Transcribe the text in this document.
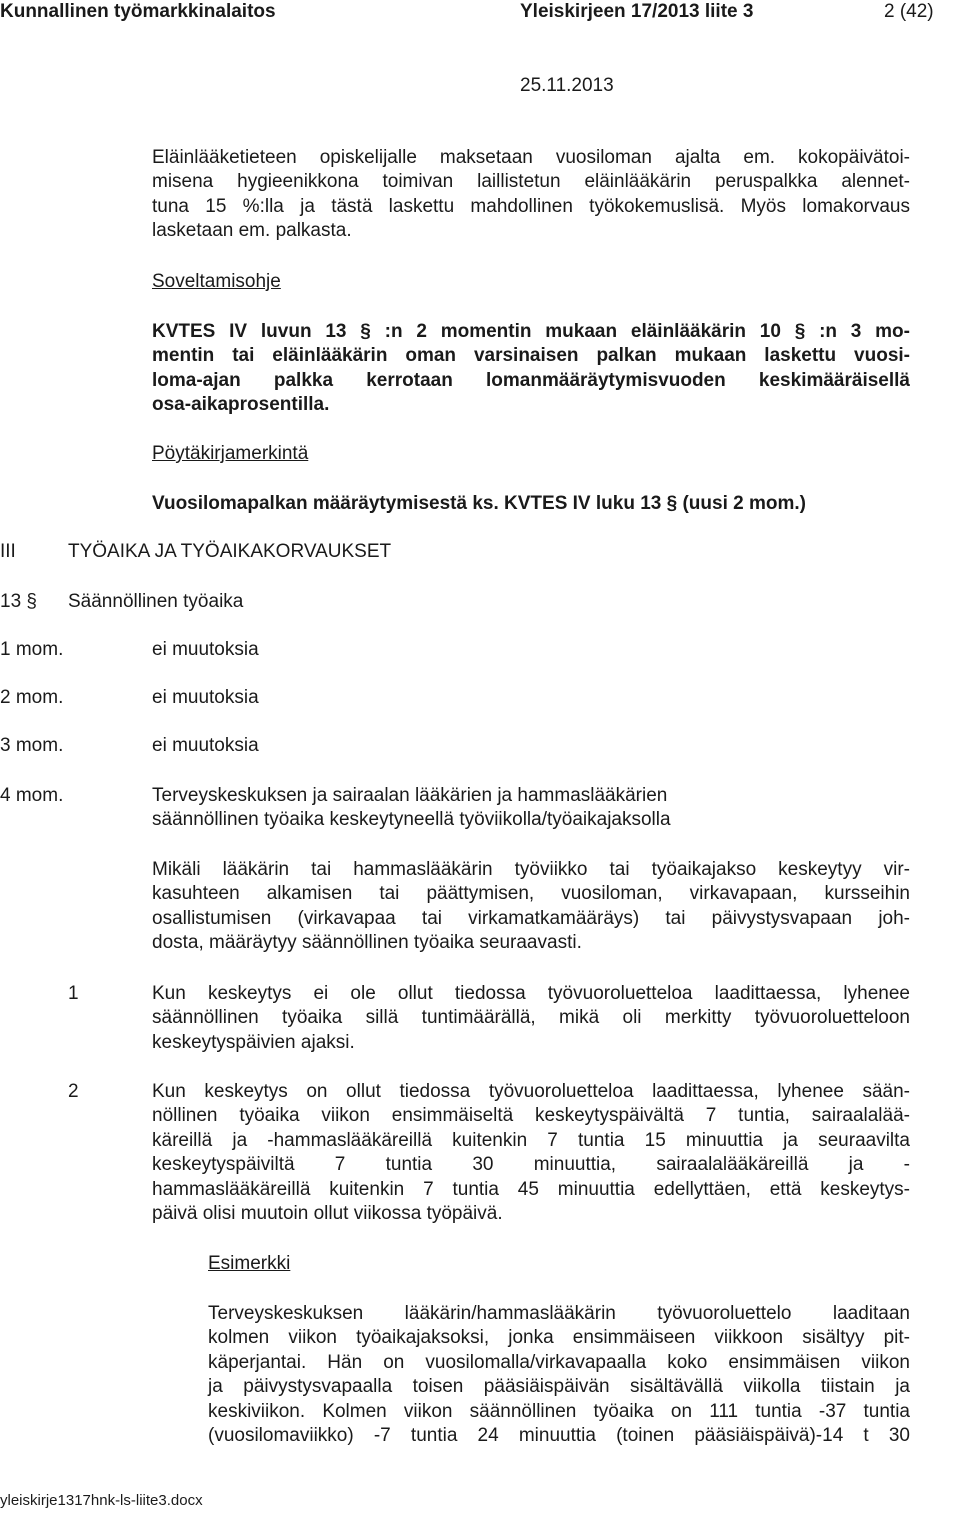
Kunnallinen työmarkkinalaitos	Yleiskirjeen 17/2013 liite 3	2 (42)
25.11.2013
Eläinlääketieteen opiskelijalle maksetaan vuosiloman ajalta em. kokopäivätoi-
misena hygieenikkona toimivan laillistetun eläinlääkärin peruspalkka alennet-
tuna 15 %:lla ja tästä laskettu mahdollinen työkokemuslisä. Myös lomakorvaus
lasketaan em. palkasta.
Soveltamisohje
KVTES IV luvun 13 § :n 2 momentin mukaan eläinlääkärin 10 § :n 3 mo-
mentin tai eläinlääkärin oman varsinaisen palkan mukaan laskettu vuosi-
loma-ajan palkka kerrotaan lomanmääräytymisvuoden keskimääräisellä
osa-aikaprosentilla.
Pöytäkirjamerkintä
Vuosilomapalkan määräytymisestä ks. KVTES IV luku 13 § (uusi 2 mom.)
III	TYÖAIKA JA TYÖAIKAKORVAUKSET
13 § Säännöllinen työaika
1 mom.	ei muutoksia
2 mom.	ei muutoksia
3 mom.	ei muutoksia
4 mom.	Terveyskeskuksen ja sairaalan lääkärien ja hammaslääkärien
säännöllinen työaika keskeytyneellä työviikolla/työaikajaksolla
Mikäli lääkärin tai hammaslääkärin työviikko tai työaikajakso keskeytyy vir-
kasuhteen alkamisen tai päättymisen, vuosiloman, virkavapaan, kursseihin
osallistumisen (virkavapaa tai virkamatkamääräys) tai päivystysvapaan joh-
dosta, määräytyy säännöllinen työaika seuraavasti.
1	Kun keskeytys ei ole ollut tiedossa työvuoroluetteloa laadittaessa, lyhenee
säännöllinen työaika sillä tuntimäärällä, mikä oli merkitty työvuoroluetteloon
keskeytyspäivien ajaksi.
2	Kun keskeytys on ollut tiedossa työvuoroluetteloa laadittaessa, lyhenee sään-
nöllinen työaika viikon ensimmäiseltä keskeytyspäivältä 7 tuntia, sairaalalää-
käreillä ja -hammaslääkäreillä kuitenkin 7 tuntia 15 minuuttia ja seuraavilta
keskeytyspäiviltä 7 tuntia 30 minuuttia, sairaalalääkäreillä ja -
hammaslääkäreillä kuitenkin 7 tuntia 45 minuuttia edellyttäen, että keskeytys-
päivä olisi muutoin ollut viikossa työpäivä.
Esimerkki
Terveyskeskuksen lääkärin/hammaslääkärin työvuoroluettelo laaditaan
kolmen viikon työaikajaksoksi, jonka ensimmäiseen viikkoon sisältyy pit-
käperjantai. Hän on vuosilomalla/virkavapaalla koko ensimmäisen viikon
ja päivystysvapaalla toisen pääsiäispäivän sisältävällä viikolla tiistain ja
keskiviikon. Kolmen viikon säännöllinen työaika on 111 tuntia -37 tuntia
(vuosilomaviikko) -7 tuntia 24 minuuttia (toinen pääsiäispäivä)-14 t 30
yleiskirje1317hnk-ls-liite3.docx
